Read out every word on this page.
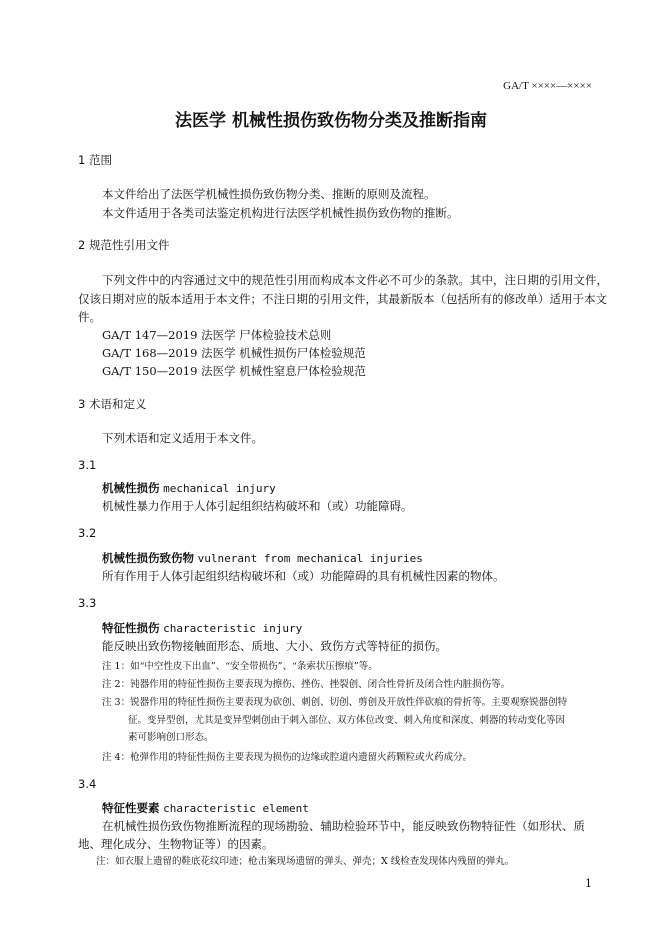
GA/T ××××—××××
法医学 机械性损伤致伤物分类及推断指南
1 范围
本文件给出了法医学机械性损伤致伤物分类、推断的原则及流程。
本文件适用于各类司法鉴定机构进行法医学机械性损伤致伤物的推断。
2 规范性引用文件
下列文件中的内容通过文中的规范性引用而构成本文件必不可少的条款。其中，注日期的引用文件，
仅该日期对应的版本适用于本文件；不注日期的引用文件，其最新版本（包括所有的修改单）适用于本文
件。
GA/T 147—2019 法医学 尸体检验技术总则
GA/T 168—2019 法医学 机械性损伤尸体检验规范
GA/T 150—2019 法医学 机械性窒息尸体检验规范
3 术语和定义
下列术语和定义适用于本文件。
3.1
机械性损伤 mechanical injury
机械性暴力作用于人体引起组织结构破坏和（或）功能障碍。
3.2
机械性损伤致伤物 vulnerant from mechanical injuries
所有作用于人体引起组织结构破坏和（或）功能障碍的具有机械性因素的物体。
3.3
特征性损伤 characteristic injury
能反映出致伤物接触面形态、质地、大小、致伤方式等特征的损伤。
注 1：如“中空性皮下出血”、“安全带损伤”、“条索状压擦痕”等。
注 2：钝器作用的特征性损伤主要表现为擦伤、挫伤、挫裂创、闭合性骨折及闭合性内脏损伤等。
注 3：锐器作用的特征性损伤主要表现为砍创、刺创、切创、剪创及开放性伴砍痕的骨折等。主要观察锐器创特
征。变异型创，尤其是变异型刺创由于刺入部位、双方体位改变、刺入角度和深度、刺器的转动变化等因
素可影响创口形态。
注 4：枪弹作用的特征性损伤主要表现为损伤的边缘或腔道内遗留火药颗粒或火药成分。
3.4
特征性要素 characteristic element
在机械性损伤致伤物推断流程的现场勘验、辅助检验环节中，能反映致伤物特征性（如形状、质
地、理化成分、生物物证等）的因素。
注：如衣服上遗留的鞋底花纹印迹；枪击案现场遗留的弹头、弹壳；X 线检查发现体内残留的弹丸。
1
